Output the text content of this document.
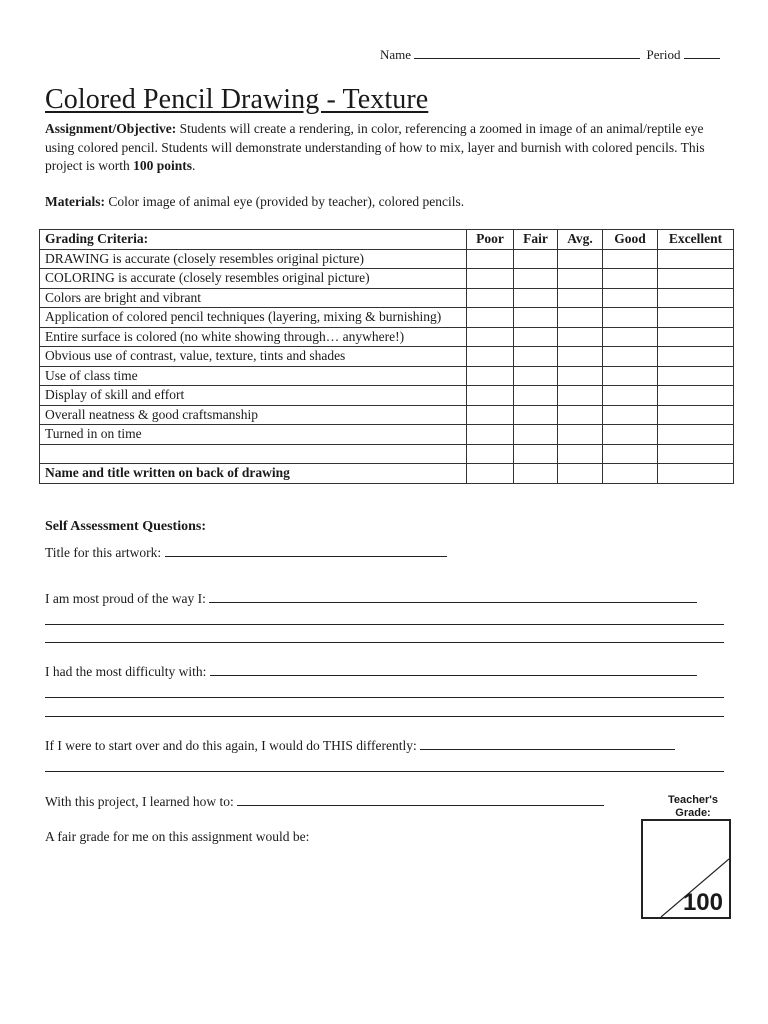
Name	Period
Colored Pencil Drawing - Texture
Assignment/Objective: Students will create a rendering, in color, referencing a zoomed in image of an animal/reptile eye using colored pencil. Students will demonstrate understanding of how to mix, layer and burnish with colored pencils. This project is worth 100 points.
Materials: Color image of animal eye (provided by teacher), colored pencils.
Grading Criteria:	Poor	Fair	Avg.	Good	Excellent
DRAWING is accurate (closely resembles original picture)					
COLORING is accurate (closely resembles original picture)					
Colors are bright and vibrant					
Application of colored pencil techniques (layering, mixing & burnishing)					
Entire surface is colored (no white showing through… anywhere!)					
Obvious use of contrast, value, texture, tints and shades					
Use of class time					
Display of skill and effort					
Overall neatness & good craftsmanship					
Turned in on time					

Name and title written on back of drawing					
Self Assessment Questions:
Title for this artwork:
I am most proud of the way I:
I had the most difficulty with:
If I were to start over and do this again, I would do THIS differently:
With this project, I learned how to:
A fair grade for me on this assignment would be:
Teacher's
Grade:
100
